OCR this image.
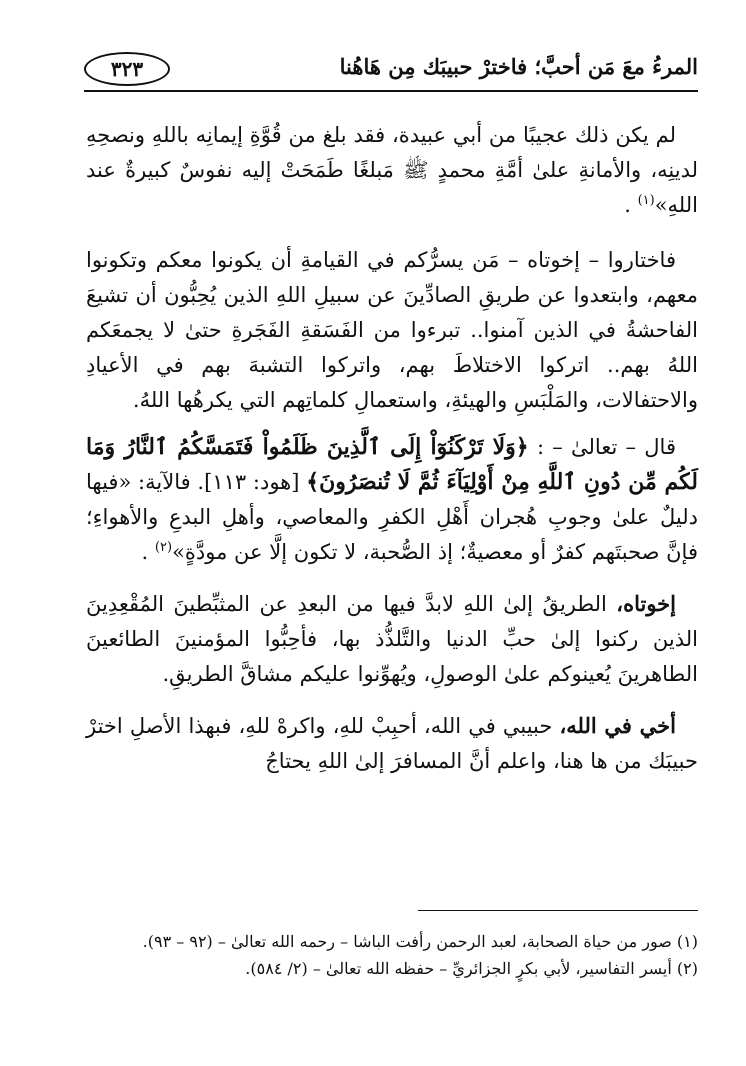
المرءُ معَ مَن أحبَّ؛ فاخترْ حبيبَك مِن هَاهُنا
٣٢٣

لم يكن ذلك عجيبًا من أبي عبيدة، فقد بلغ من قُوَّةِ إيمانِه باللهِ ونصحِهِ لدينِه، والأمانةِ علىٰ أمَّةِ محمدٍ ﷺ مَبلغًا طَمَحَتْ إليه نفوسٌ كبيرةٌ عند اللهِ»$^{(١)}$ .

فاختاروا – إخوتاه – مَن يسرُّكم في القيامةِ أن يكونوا معكم وتكونوا معهم، وابتعدوا عن طريقِ الصادِّينَ عن سبيلِ اللهِ الذين يُحِبُّون أن تشيعَ الفاحشةُ في الذين آمنوا.. تبرءوا من الفَسَقةِ الفَجَرةِ حتىٰ لا يجمعَكم اللهُ بهم.. اتركوا الاختلاطَ بهم، واتركوا التشبهَ بهم في الأعيادِ والاحتفالات، والمَلْبَسِ والهيئةِ، واستعمالِ كلماتِهم التي يكرهُها اللهُ.

قال – تعالىٰ – : ﴿وَلَا تَرْكَنُوٓاْ إِلَى ٱلَّذِينَ ظَلَمُواْ فَتَمَسَّكُمُ ٱلنَّارُ وَمَا لَكُم مِّن دُونِ ٱللَّهِ مِنْ أَوْلِيَآءَ ثُمَّ لَا تُنصَرُونَ﴾ [هود: ١١٣]. فالآية: «فيها دليلٌ علىٰ وجوبِ هُجران أَهْلِ الكفرِ والمعاصي، وأهلِ البدعِ والأهواءِ؛ فإنَّ صحبتَهم كفرٌ أو معصيةٌ؛ إذ الصُّحبة، لا تكون إلَّا عن مودَّةٍ»$^{(٢)}$ .

إخوتاه، الطريقُ إلىٰ اللهِ لابدَّ فيها من البعدِ عن المثبِّطينَ المُقْعِدِينَ الذين ركنوا إلىٰ حبِّ الدنيا والتَّلذُّذ بها، فأحِبُّوا المؤمنينَ الطائعينَ الطاهرينَ يُعينوكم علىٰ الوصولِ، ويُهوِّنوا عليكم مشاقَّ الطريقِ.

أخي في الله، حبيبي في الله، أحبِبْ للهِ، واكرهْ للهِ، فبهذا الأصلِ اخترْ حبيبَك من ها هنا، واعلم أنَّ المسافرَ إلىٰ اللهِ يحتاجُ

(١) صور من حياة الصحابة، لعبد الرحمن رأفت الباشا – رحمه الله تعالىٰ – (٩٢ – ٩٣).

(٢) أيسر التفاسير، لأبي بكرٍ الجزائريِّ – حفظه الله تعالىٰ – (٢/ ٥٨٤).
